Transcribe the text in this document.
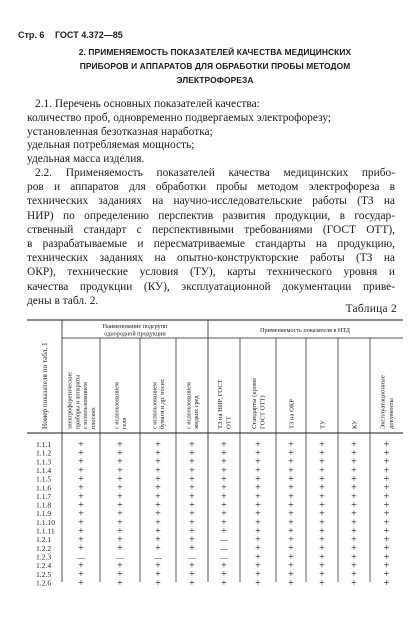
Стр. 6 ГОСТ 4.372—85
2. ПРИМЕНЯЕМОСТЬ ПОКАЗАТЕЛЕЙ КАЧЕСТВА МЕДИЦИНСКИХ
ПРИБОРОВ И АППАРАТОВ ДЛЯ ОБРАБОТКИ ПРОБЫ МЕТОДОМ
ЭЛЕКТРОФОРЕЗА
2.1. Перечень основных показателей качества:
количество проб, одновременно подвергаемых электрофорезу;
установленная безотказная наработка;
удельная потребляемая мощность;
удельная масса изделия.
2.2. Применяемость показателей качества медицинских прибо-
ров и аппаратов для обработки пробы методом электрофореза в
технических заданиях на научно-исследовательские работы (ТЗ на
НИР) по определению перспектив развития продукции, в государ-
ственный стандарт с перспективными требованиями (ГОСТ ОТТ),
в разрабатываемые и пересматриваемые стандарты на продукцию,
технических заданиях на опытно-конструкторские работы (ТЗ на
ОКР), технические условия (ТУ), карты технического уровня и
качества продукции (КУ), эксплуатационной документации приве-
дены в табл. 2.
Таблица 2
Наименование подгрупп однородной продукции	Применяемость показателя в НТД
Номер показателя по табл. 1	электрофоретическиеприборы и аппаратыс использованиемплоских	с использованиемгеля	с использованиембумаги и др. носит.	с использованиемжидких сред	ТЗ на НИР, ГОСТОТТ	Стандарты (кромеГОСТ ОТТ)	ТЗ на ОКР	ТУ	КУ	Эксплуатационныедокументы
1.1.1	+	+	+	+	+	+	+	+	+	+
1.1.2	+	+	+	+	+	+	+	+	+	+
1.1.3	+	+	+	+	+	+	+	+	+	+
1.1.4	+	+	+	+	+	+	+	+	+	+
1.1.5	+	+	+	+	+	+	+	+	+	+
1.1.6	+	+	+	+	+	+	+	+	+	+
1.1.7	+	+	+	+	+	+	+	+	+	+
1.1.8	+	+	+	+	+	+	+	+	+	+
1.1.9	+	+	+	+	+	+	+	+	+	+
1.1.10 +	+	+	+	+	+	+	+	+	+
1.1.11 +	+	+	+	+	+	+	+	+	+
1.2.1	+	+	+	+	—	+	+	+	+	+
1.2.2	+	+	+	+	—	+	+	+	+	+
1.2.3	—	—	—	—	—	+	+	+	+	+
1.2.4	+	+	+	+	+	+	+	+	+	+
1.2.5	+	+	+	+	+	+	+	+	+	+
1.2.6	+	+	+	+	+	+	+	+	+	+
